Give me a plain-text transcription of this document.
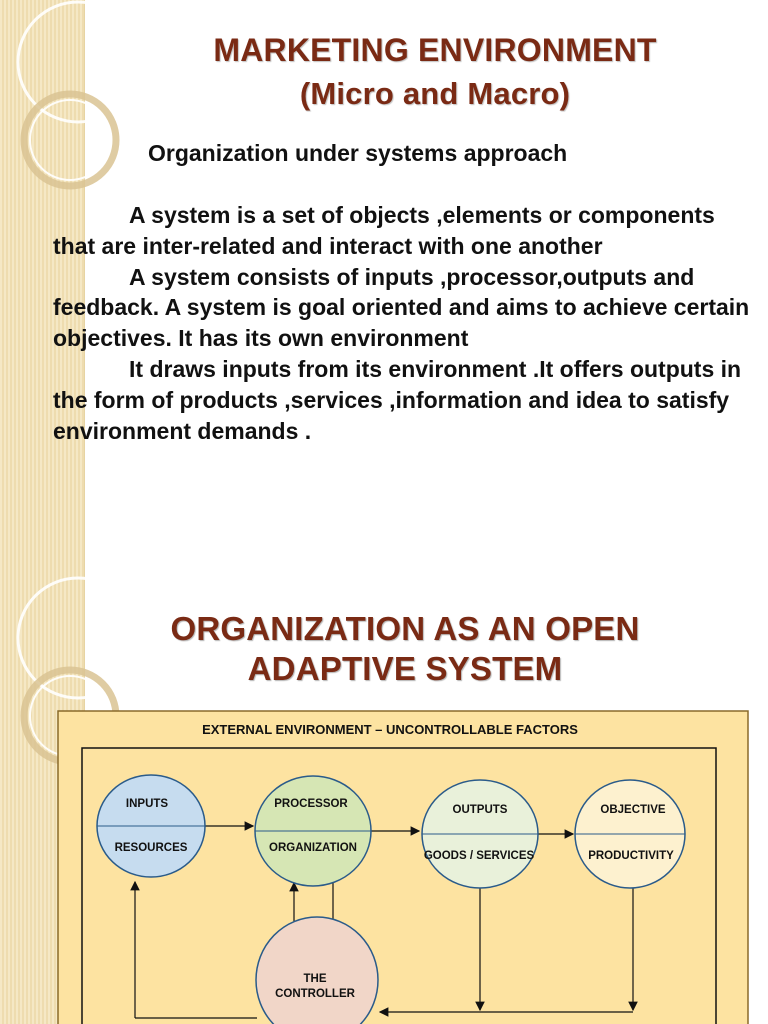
MARKETING ENVIRONMENT
(Micro and Macro)
Organization under systems approach

A system is a set of objects ,elements or components that are inter-related and interact with one another

A system consists of inputs ,processor,outputs and feedback. A system is goal oriented and aims to achieve certain objectives. It has its own environment

It draws inputs from its environment .It offers outputs in the form of products ,services ,information and idea to satisfy environment demands .

ORGANIZATION AS AN OPEN
ADAPTIVE SYSTEM
EXTERNAL ENVIRONMENT – UNCONTROLLABLE FACTORS
INPUTS
RESOURCES
PROCESSOR
ORGANIZATION
OUTPUTS
GOODS / SERVICES
OBJECTIVE
PRODUCTIVITY
THE
CONTROLLER
